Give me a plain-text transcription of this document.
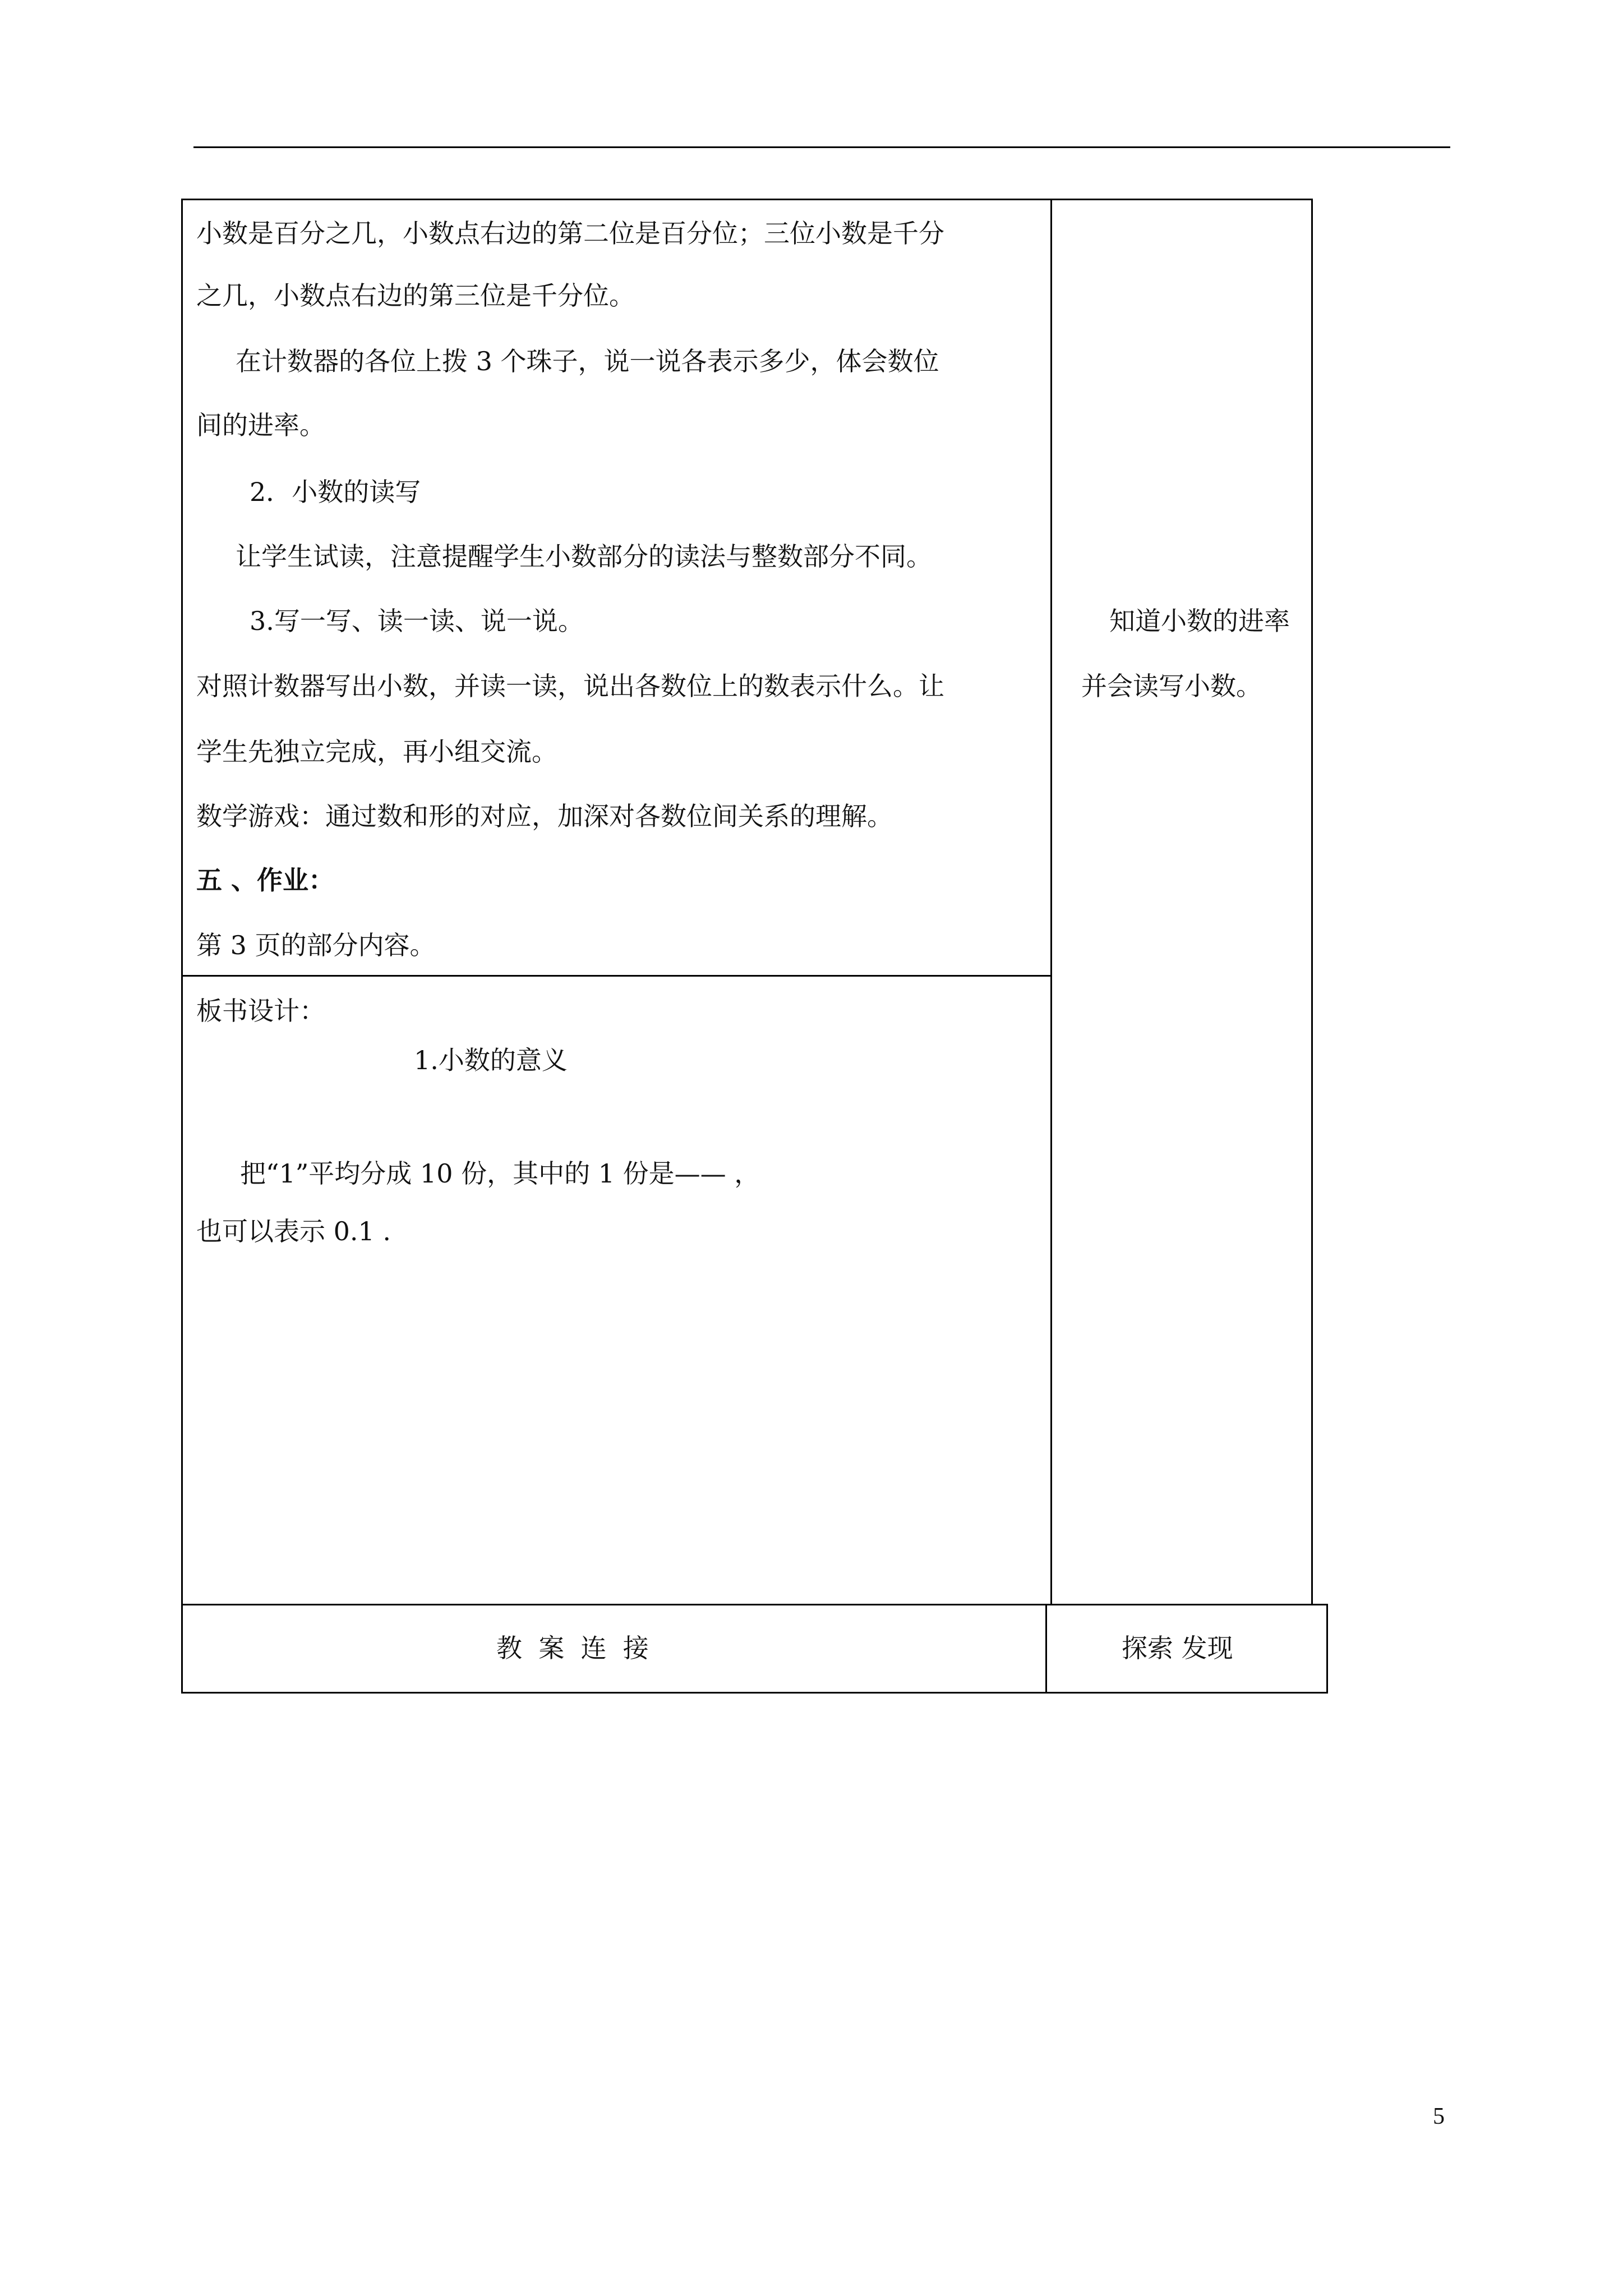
小数是百分之几，小数点右边的第二位是百分位；三位小数是千分
之几，小数点右边的第三位是千分位。
在计数器的各位上拨 3 个珠子，说一说各表示多少，体会数位
间的进率。
2．小数的读写
让学生试读，注意提醒学生小数部分的读法与整数部分不同。
3.写一写、读一读、说一说。
对照计数器写出小数，并读一读，说出各数位上的数表示什么。让
学生先独立完成，再小组交流。
数学游戏：通过数和形的对应，加深对各数位间关系的理解。
五 、作业：
第 3 页的部分内容。
知道小数的进率
并会读写小数。
板书设计：
1.小数的意义
把“1”平均分成 10 份，其中的 1 份是—— ，
也可以表示 0.1 .
教  案  连  接	探索 发现
5
